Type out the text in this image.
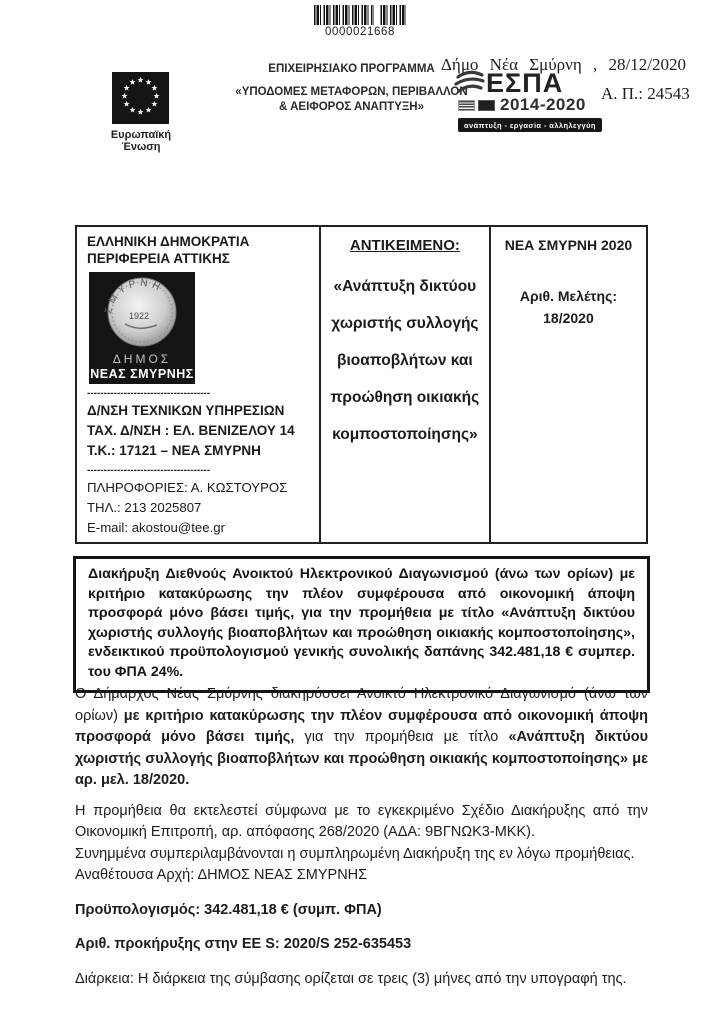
0000021668
Ευρωπαϊκή Ένωση
ΕΠΙΧΕΙΡΗΣΙΑΚΟ ΠΡΟΓΡΑΜΜΑ
«ΥΠΟΔΟΜΕΣ ΜΕΤΑΦΟΡΩΝ, ΠΕΡΙΒΑΛΛΟΝ
& ΑΕΙΦΟΡΟΣ ΑΝΑΠΤΥΞΗ»
ΕΣΠΑ
2014-2020
ανάπτυξη - εργασία - αλληλεγγύη
Δήμο Νέα Σμύρνη , 28/12/2020
Α. Π.: 24543
ΕΛΛΗΝΙΚΗ ΔΗΜΟΚΡΑΤΙΑ
ΠΕΡΙΦΕΡΕΙΑ ΑΤΤΙΚΗΣ
ΣΜΥΡΝΗ
1922
ΔΗΜΟΣ
ΝΕΑΣ ΣΜΥΡΝΗΣ
-------------------------------------
Δ/ΝΣΗ ΤΕΧΝΙΚΩΝ ΥΠΗΡΕΣΙΩΝ
ΤΑΧ. Δ/ΝΣΗ : ΕΛ. ΒΕΝΙΖΕΛΟΥ 14
Τ.Κ.: 17121 – ΝΕΑ ΣΜΥΡΝΗ
-------------------------------------
ΠΛΗΡΟΦΟΡΙΕΣ: Α. ΚΩΣΤΟΥΡΟΣ
ΤΗΛ.: 213 2025807
E-mail: akostou@tee.gr
ΑΝΤΙΚΕΙΜΕΝΟ:
«Ανάπτυξη δικτύου χωριστής συλλογής βιοαποβλήτων και προώθηση οικιακής κομποστοποίησης»
ΝΕΑ ΣΜΥΡΝΗ 2020
Αριθ. Μελέτης:
18/2020
Διακήρυξη Διεθνούς Ανοικτού Ηλεκτρονικού Διαγωνισμού (άνω των ορίων) με κριτήριο κατακύρωσης την πλέον συμφέρουσα από οικονομική άποψη προσφορά μόνο βάσει τιμής, για την προμήθεια με τίτλο «Ανάπτυξη δικτύου χωριστής συλλογής βιοαποβλήτων και προώθηση οικιακής κομποστοποίησης», ενδεικτικού προϋπολογισμού γενικής συνολικής δαπάνης 342.481,18 € συμπερ. του ΦΠΑ 24%.

Ο Δήμαρχος Νέας Σμύρνης διακηρύσσει Ανοικτό Ηλεκτρονικό Διαγωνισμό (άνω των ορίων) με κριτήριο κατακύρωσης την πλέον συμφέρουσα από οικονομική άποψη προσφορά μόνο βάσει τιμής, για την προμήθεια με τίτλο «Ανάπτυξη δικτύου χωριστής συλλογής βιοαποβλήτων και προώθηση οικιακής κομποστοποίησης» με αρ. μελ. 18/2020.

Η προμήθεια θα εκτελεστεί σύμφωνα με το εγκεκριμένο Σχέδιο Διακήρυξης από την Οικονομική Επιτροπή, αρ. απόφασης 268/2020 (ΑΔΑ: 9ΒΓΝΩΚ3-ΜΚΚ).

Συνημμένα συμπεριλαμβάνονται η συμπληρωμένη Διακήρυξη της εν λόγω προμήθειας.

Αναθέτουσα Αρχή: ΔΗΜΟΣ ΝΕΑΣ ΣΜΥΡΝΗΣ

Προϋπολογισμός: 342.481,18 € (συμπ. ΦΠΑ)

Αριθ. προκήρυξης στην ΕΕ S: 2020/S 252-635453

Διάρκεια: Η διάρκεια της σύμβασης ορίζεται σε τρεις (3) μήνες από την υπογραφή της.
